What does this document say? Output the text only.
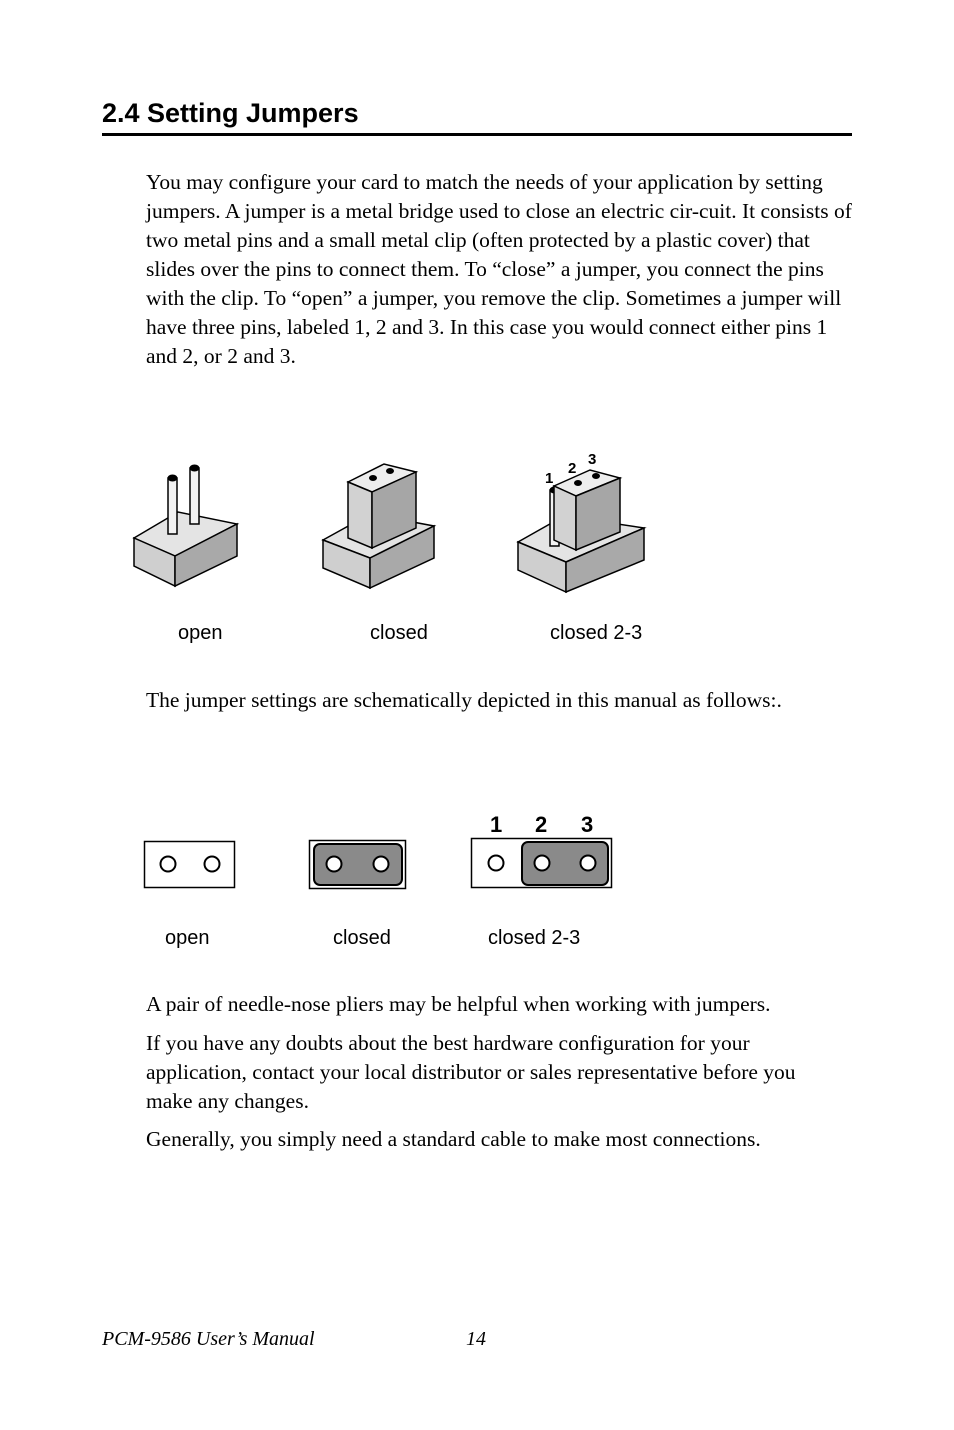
2.4 Setting Jumpers

You may configure your card to match the needs of your application by setting jumpers. A jumper is a metal bridge used to close an electric cir-cuit. It consists of two metal pins and a small metal clip (often protected by a plastic cover) that slides over the pins to connect them. To “close” a jumper, you connect the pins with the clip. To “open” a jumper, you remove the clip. Sometimes a jumper will have three pins, labeled 1, 2 and 3. In this case you would connect either pins 1 and 2, or 2 and 3.

1
2
3
open	closed	closed 2-3

The jumper settings are schematically depicted in this manual as follows:.

1 2 3
open	closed	closed 2-3

A pair of needle-nose pliers may be helpful when working with jumpers.

If you have any doubts about the best hardware configuration for your application, contact your local distributor or sales representative before you make any changes.

Generally, you simply need a standard cable to make most connections.

PCM-9586 User’s Manual	14
